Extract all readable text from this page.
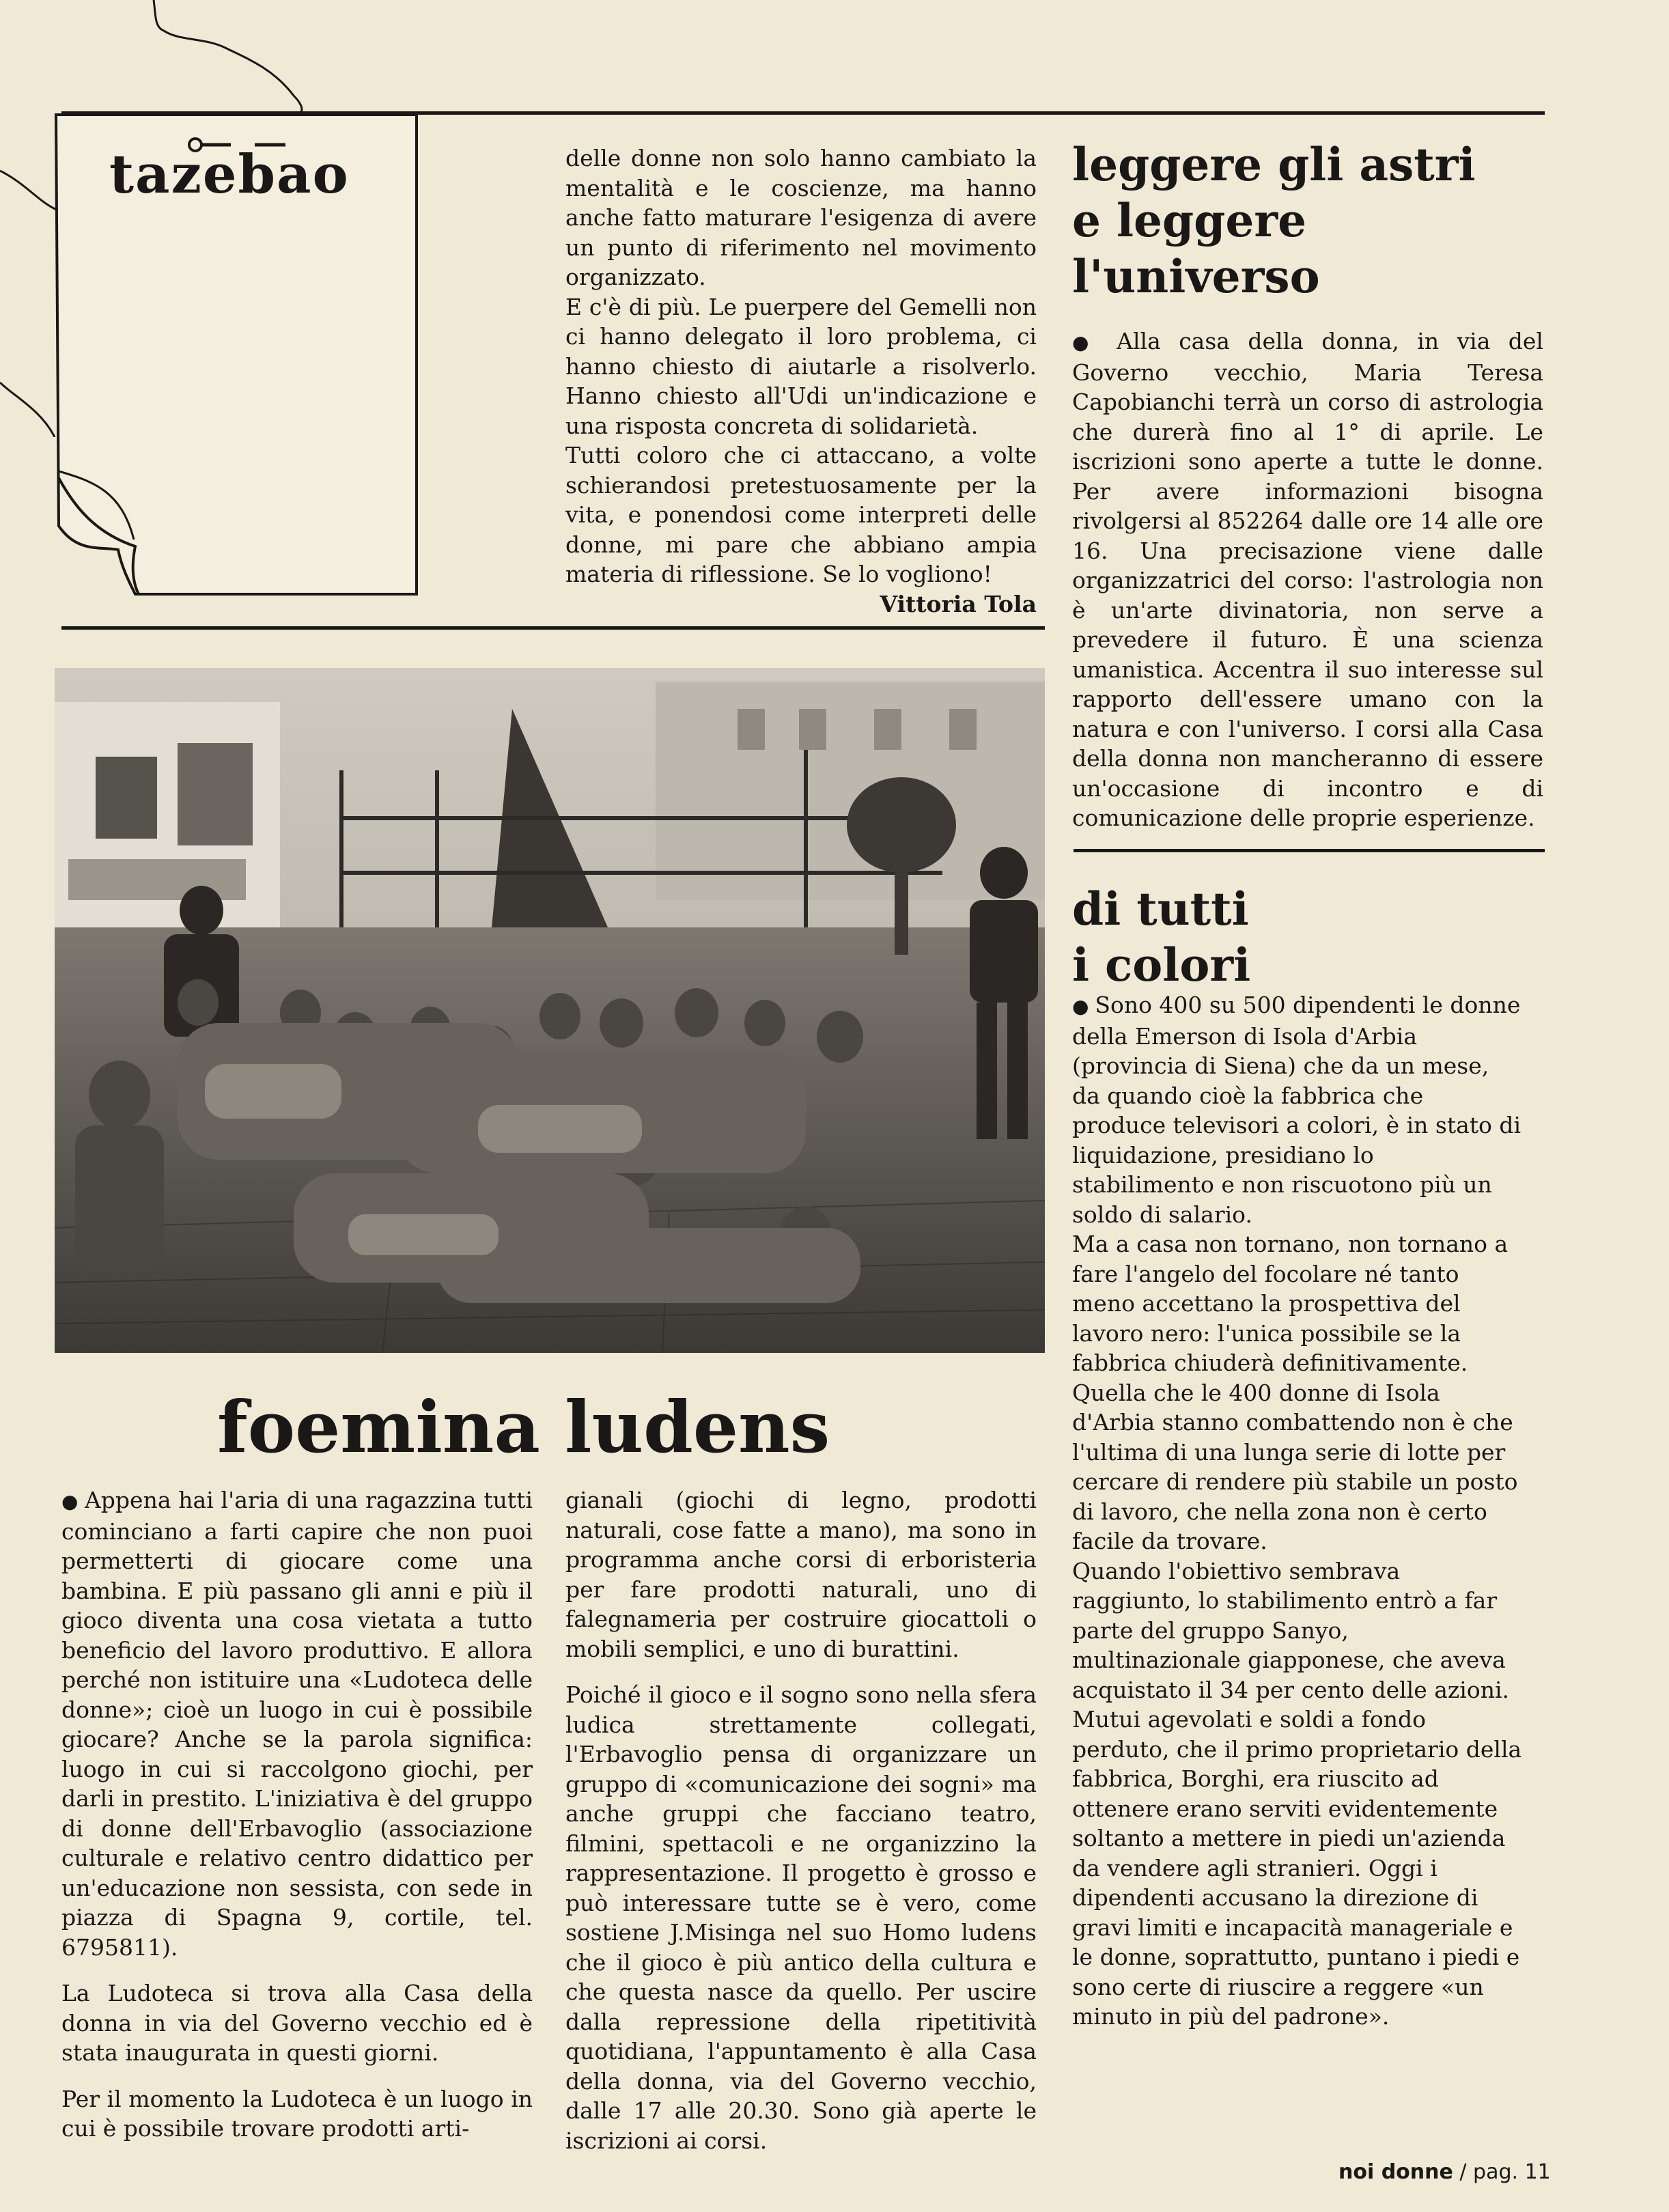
tazebao	delle donne non solo hanno cambiato la mentalità e le coscienze, ma hanno anche fatto maturare l'esigenza di avere un punto di riferimento nel movimento organizzato.

E c'è di più. Le puerpere del Gemelli non ci hanno delegato il loro problema, ci hanno chiesto di aiutarle a risolverlo. Hanno chiesto all'Udi un'indicazione e una risposta concreta di solidarietà.

Tutti coloro che ci attaccano, a volte schierandosi pretestuosamente per la vita, e ponendosi come interpreti delle donne, mi pare che abbiano ampia materia di riflessione. Se lo vogliono!

Vittoria Tola
leggere gli astri
e leggere
l'universo

● Alla casa della donna, in via del Governo vecchio, Maria Teresa Capobianchi terrà un corso di astrologia che durerà fino al 1° di aprile. Le iscrizioni sono aperte a tutte le donne. Per avere informazioni bisogna rivolgersi al 852264 dalle ore 14 alle ore 16. Una precisazione viene dalle organizzatrici del corso: l'astrologia non è un'arte divinatoria, non serve a prevedere il futuro. È una scienza umanistica. Accentra il suo interesse sul rapporto dell'essere umano con la natura e con l'universo. I corsi alla Casa della donna non mancheranno di essere un'occasione di incontro e di comunicazione delle proprie esperienze.

di tutti
i colori

● Sono 400 su 500 dipendenti le donne della Emerson di Isola d'Arbia (provincia di Siena) che da un mese, da quando cioè la fabbrica che produce televisori a colori, è in stato di liquidazione, presidiano lo stabilimento e non riscuotono più un soldo di salario.

Ma a casa non tornano, non tornano a fare l'angelo del focolare né tanto meno accettano la prospettiva del lavoro nero: l'unica possibile se la fabbrica chiuderà definitivamente.

Quella che le 400 donne di Isola d'Arbia stanno combattendo non è che l'ultima di una lunga serie di lotte per cercare di rendere più stabile un posto di lavoro, che nella zona non è certo facile da trovare.

Quando l'obiettivo sembrava raggiunto, lo stabilimento entrò a far parte del gruppo Sanyo, multinazionale giapponese, che aveva acquistato il 34 per cento delle azioni. Mutui agevolati e soldi a fondo perduto, che il primo proprietario della fabbrica, Borghi, era riuscito ad ottenere erano serviti evidentemente soltanto a mettere in piedi un'azienda da vendere agli stranieri. Oggi i dipendenti accusano la direzione di gravi limiti e incapacità manageriale e le donne, soprattutto, puntano i piedi e sono certe di riuscire a reggere «un minuto in più del padrone».

foemina ludens

● Appena hai l'aria di una ragazzina tutti cominciano a farti capire che non puoi permetterti di giocare come una bambina. E più passano gli anni e più il gioco diventa una cosa vietata a tutto beneficio del lavoro produttivo. E allora perché non istituire una «Ludoteca delle donne»; cioè un luogo in cui è possibile giocare? Anche se la parola significa: luogo in cui si raccolgono giochi, per darli in prestito. L'iniziativa è del gruppo di donne dell'Erbavoglio (associazione culturale e relativo centro didattico per un'educazione non sessista, con sede in piazza di Spagna 9, cortile, tel. 6795811).

La Ludoteca si trova alla Casa della donna in via del Governo vecchio ed è stata inaugurata in questi giorni.

Per il momento la Ludoteca è un luogo in cui è possibile trovare prodotti arti-

gianali (giochi di legno, prodotti naturali, cose fatte a mano), ma sono in programma anche corsi di erboristeria per fare prodotti naturali, uno di falegnameria per costruire giocattoli o mobili semplici, e uno di burattini.

Poiché il gioco e il sogno sono nella sfera ludica strettamente collegati, l'Erbavoglio pensa di organizzare un gruppo di «comunicazione dei sogni» ma anche gruppi che facciano teatro, filmini, spettacoli e ne organizzino la rappresentazione. Il progetto è grosso e può interessare tutte se è vero, come sostiene J.Misinga nel suo Homo ludens che il gioco è più antico della cultura e che questa nasce da quello. Per uscire dalla repressione della ripetitività quotidiana, l'appuntamento è alla Casa della donna, via del Governo vecchio, dalle 17 alle 20.30. Sono già aperte le iscrizioni ai corsi.

noi donne / pag. 11
